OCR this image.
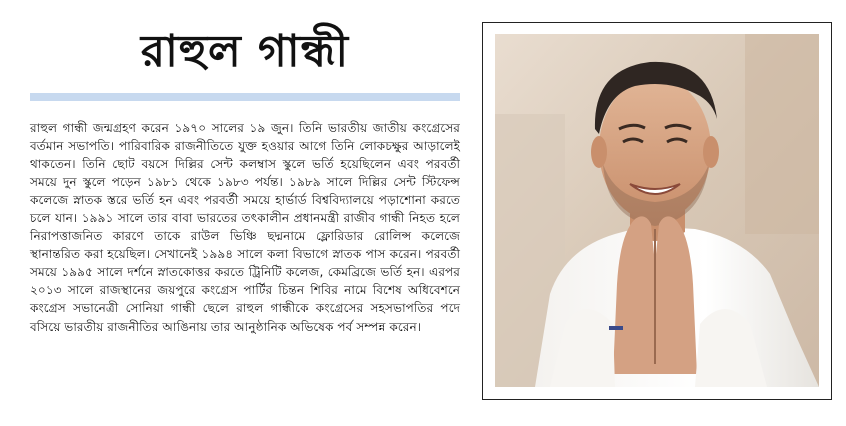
রাহুল গান্ধী

রাহুল গান্ধী জন্মগ্রহণ করেন ১৯৭০ সালের ১৯ জুন। তিনি ভারতীয় জাতীয় কংগ্রেসের বর্তমান সভাপতি। পারিবারিক রাজনীতিতে যুক্ত হওয়ার আগে তিনি লোকচক্ষুর আড়ালেই থাকতেন। তিনি ছোট বয়সে দিল্লির সেন্ট কলম্বাস স্কুলে ভর্তি হয়েছিলেন এবং পরবর্তী সময়ে দুন স্কুলে পড়েন ১৯৮১ থেকে ১৯৮৩ পর্যন্ত। ১৯৮৯ সালে দিল্লির সেন্ট স্টিফেন্স কলেজে স্নাতক স্তরে ভর্তি হন এবং পরবর্তী সময়ে হার্ভার্ড বিশ্ববিদ্যালয়ে পড়াশোনা করতে চলে যান। ১৯৯১ সালে তার বাবা ভারতের তৎকালীন প্রধানমন্ত্রী রাজীব গান্ধী নিহত হলে নিরাপত্তাজনিত কারণে তাকে রাউল ভিঞ্চি ছদ্মনামে ফ্লোরিডার রোলিন্স কলেজে স্থানান্তরিত করা হয়েছিল। সেখানেই ১৯৯৪ সালে কলা বিভাগে স্নাতক পাস করেন। পরবর্তী সময়ে ১৯৯৫ সালে দর্শনে স্নাতকোত্তর করতে ট্রিনিটি কলেজ, কেমব্রিজে ভর্তি হন। এরপর ২০১৩ সালে রাজস্থানের জয়পুরে কংগ্রেস পার্টির চিন্তন শিবির নামে বিশেষ অধিবেশনে কংগ্রেস সভানেত্রী সোনিয়া গান্ধী ছেলে রাহুল গান্ধীকে কংগ্রেসের সহসভাপতির পদে বসিয়ে ভারতীয় রাজনীতির আঙিনায় তার আনুষ্ঠানিক অভিষেক পর্ব সম্পন্ন করেন।
